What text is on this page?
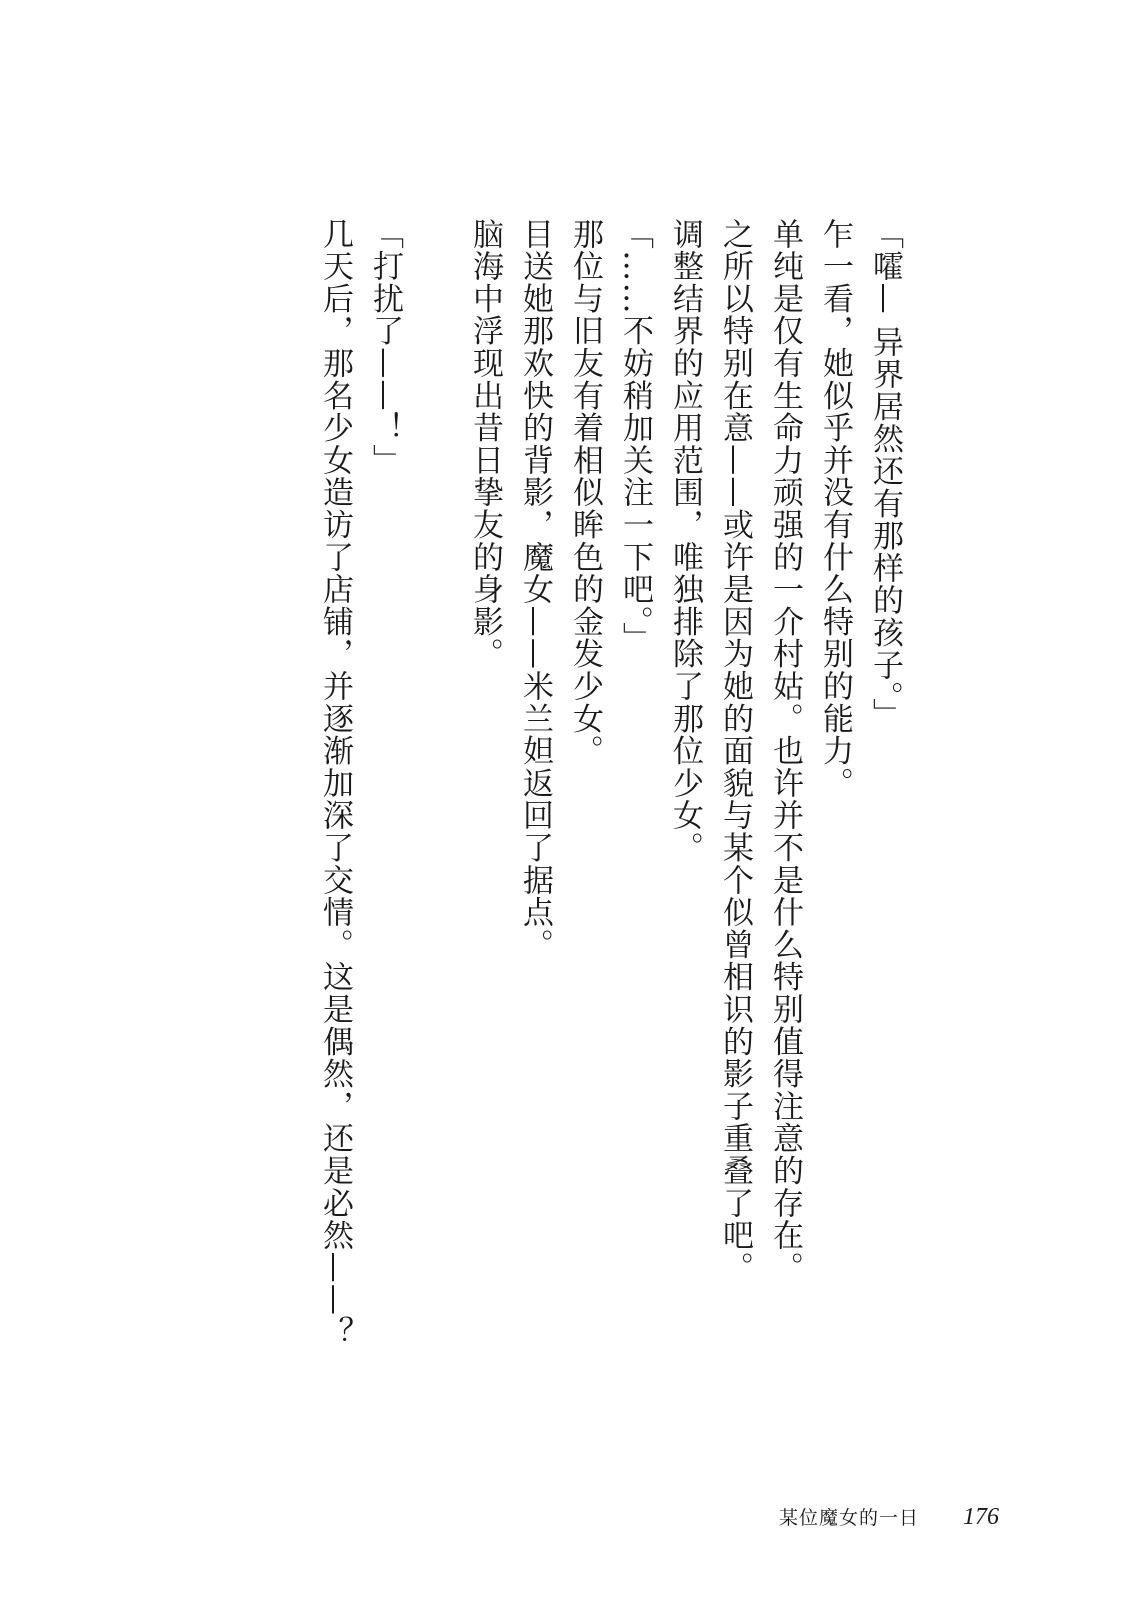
「嚯— 异界居然还有那样的孩子。」
乍一看，她似乎并没有什么特别的能力。
单纯是仅有生命力顽强的一介村姑。也许并不是什么特别值得注意的存在。
之所以特别在意——或许是因为她的面貌与某个似曾相识的影子重叠了吧。
调整结界的应用范围，唯独排除了那位少女。
「……不妨稍加关注一下吧。」
那位与旧友有着相似眸色的金发少女。
目送她那欢快的背影，魔女——米兰妲返回了据点。
脑海中浮现出昔日挚友的身影。
「打扰了——！」
几天后，那名少女造访了店铺，并逐渐加深了交情。这是偶然，还是必然——？
某位魔女的一日 176
